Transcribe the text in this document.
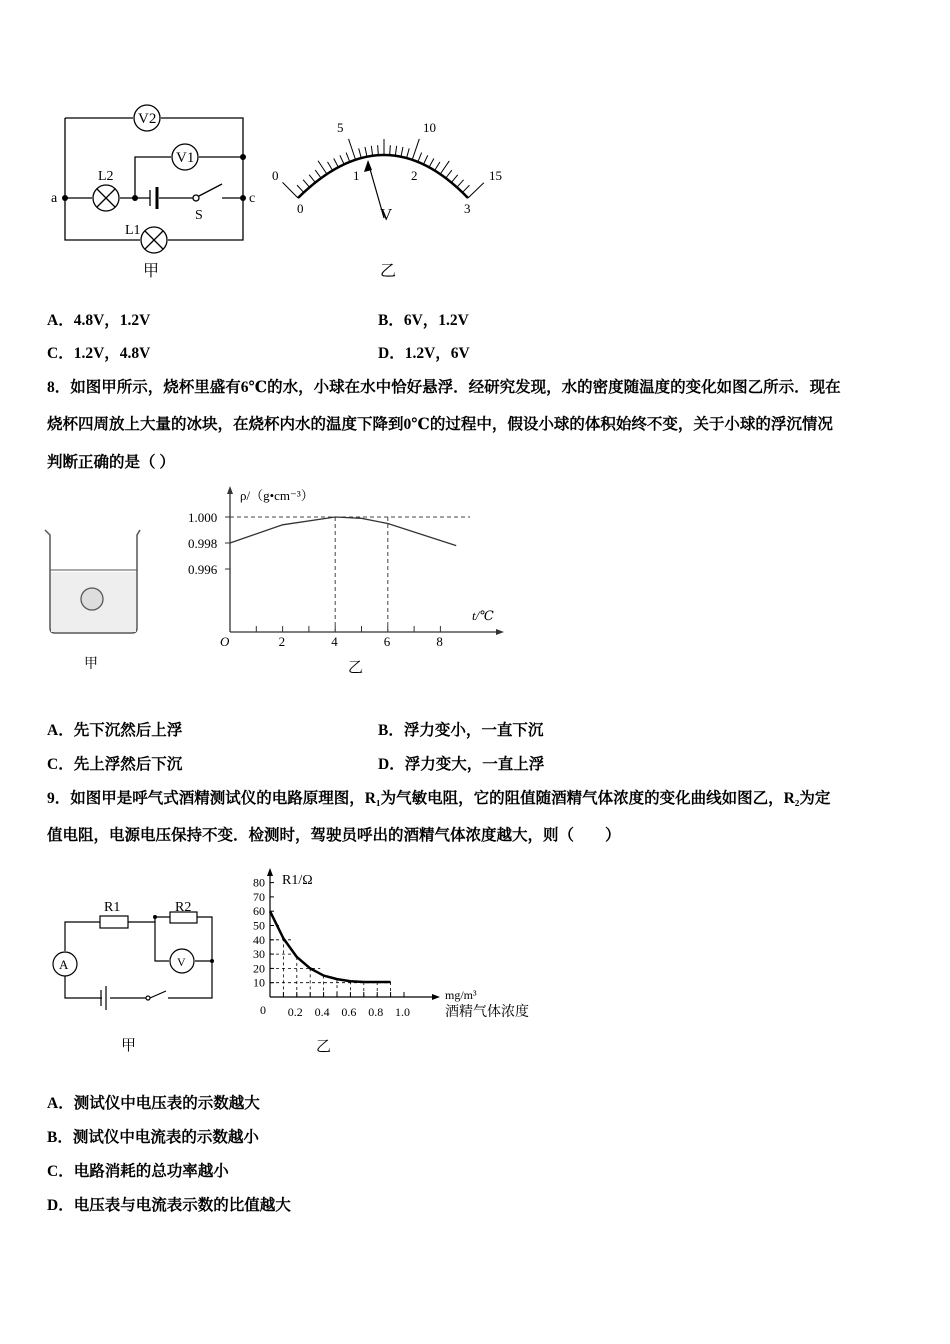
V2
V1
L2
L1
a	c
S
甲
0
5	10
15
0
1	2
3
V
乙
A．4.8V，1.2V	B．6V，1.2V
C．1.2V，4.8V	D．1.2V，6V
8．如图甲所示，烧杯里盛有6℃的水，小球在水中恰好悬浮．经研究发现，水的密度随温度的变化如图乙所示．现在
烧杯四周放上大量的冰块，在烧杯内水的温度下降到0℃的过程中，假设小球的体积始终不变，关于小球的浮沉情况
判断正确的是（ ）
甲
2	4	6	8
1.000
0.998
0.996
O
ρ/（g•cm⁻³）
t/℃
乙
A．先下沉然后上浮	B．浮力变小，一直下沉
C．先上浮然后下沉	D．浮力变大，一直上浮
9．如图甲是呼气式酒精测试仪的电路原理图，R₁为气敏电阻，它的阻值随酒精气体浓度的变化曲线如图乙，R₂为定
值电阻，电源电压保持不变．检测时，驾驶员呼出的酒精气体浓度越大，则（　　）
R1	R2
A	V
甲
0.2 0.4 0.6 0.8 1.0
10
20
30
40
50
60
70
80
0
R1/Ω
mg/m³
酒精气体浓度
乙
A．测试仪中电压表的示数越大
B．测试仪中电流表的示数越小
C．电路消耗的总功率越小
D．电压表与电流表示数的比值越大
